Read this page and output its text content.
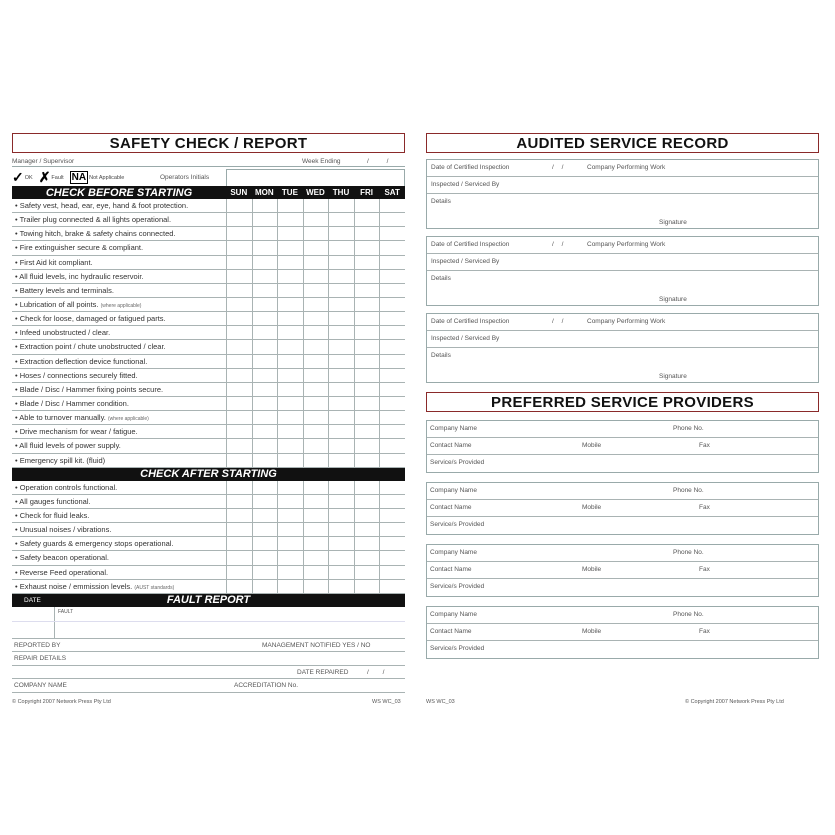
SAFETY CHECK / REPORT
Manager / Supervisor	Week Ending	/ /
✓ OK ✗ Fault NA Not Applicable	Operators Initials
CHECK BEFORE STARTING	SUN MON	TUE	WED	THU	FRI	SAT
• Safety vest, head, ear, eye, hand & foot protection.
• Trailer plug connected & all lights operational.
• Towing hitch, brake & safety chains connected.
• Fire extinguisher secure & compliant.
• First Aid kit compliant.
• All fluid levels, inc hydraulic reservoir.
• Battery levels and terminals.
• Lubrication of all points. (where applicable)
• Check for loose, damaged or fatigued parts.
• Infeed unobstructed / clear.
• Extraction point / chute unobstructed / clear.
• Extraction deflection device functional.
• Hoses / connections securely fitted.
• Blade / Disc / Hammer fixing points secure.
• Blade / Disc / Hammer condition.
• Able to turnover manually. (where applicable)
• Drive mechanism for wear / fatigue.
• All fluid levels of power supply.
• Emergency spill kit. (fluid)
CHECK AFTER STARTING
• Operation controls functional.
• All gauges functional.
• Check for fluid leaks.
• Unusual noises / vibrations.
• Safety guards & emergency stops operational.
• Safety beacon operational.
• Reverse Feed operational.
• Exhaust noise / emmission levels. (AUST standards)
FAULT REPORT
DATE
FAULT
REPORTED BY	MANAGEMENT NOTIFIED YES / NO
REPAIR DETAILS
DATE REPAIRED	/ /
COMPANY NAME	ACCREDITATION No.
© Copyright 2007 Network Press Pty Ltd	WS WC_03
AUDITED SERVICE RECORD
Date of Certified Inspection	/ /	Company Performing Work
Inspected / Serviced By
Details
Signature
Date of Certified Inspection	/ /	Company Performing Work
Inspected / Serviced By
Details
Signature
Date of Certified Inspection	/ /	Company Performing Work
Inspected / Serviced By
Details
Signature
PREFERRED SERVICE PROVIDERS
Company Name	Phone No.
Contact Name	Mobile	Fax
Service/s Provided
Company Name	Phone No.
Contact Name	Mobile	Fax
Service/s Provided
Company Name	Phone No.
Contact Name	Mobile	Fax
Service/s Provided
Company Name	Phone No.
Contact Name	Mobile	Fax
Service/s Provided
WS WC_03	© Copyright 2007 Network Press Pty Ltd
